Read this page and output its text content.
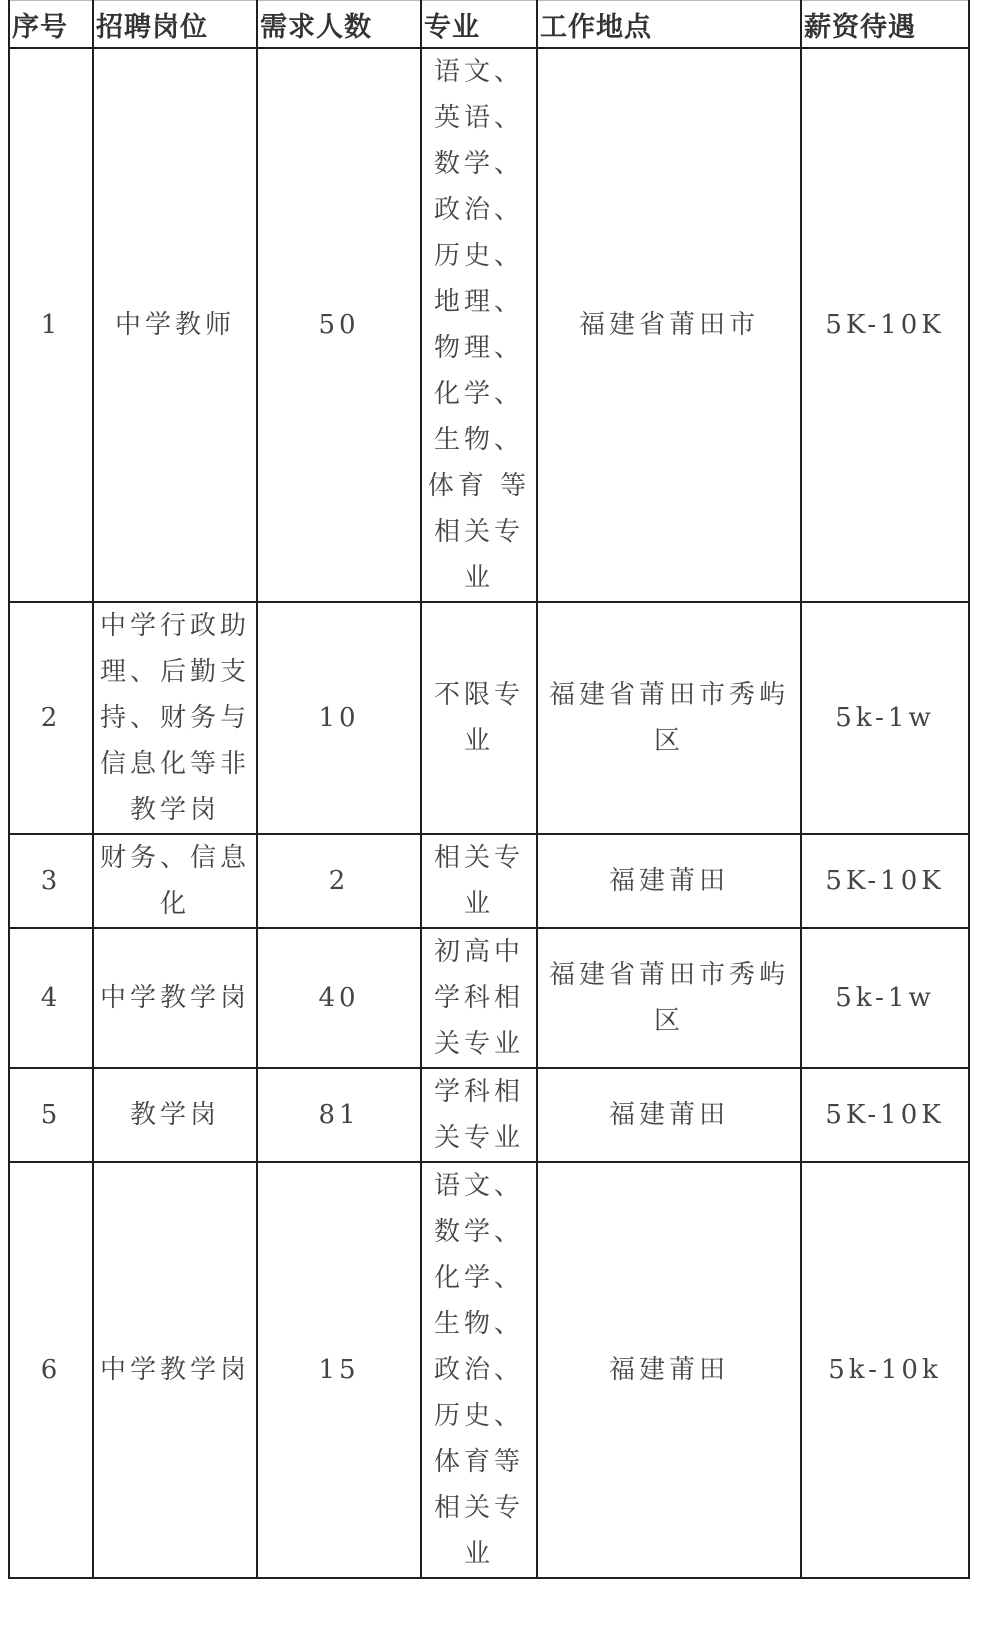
序号	招聘岗位	需求人数	专业	工作地点	薪资待遇
1	中学教师	50	语文、英语、数学、政治、历史、地理、物理、化学、生物、体育 等相关专业	福建省莆田市	5K-10K
2	中学行政助理、后勤支持、财务与信息化等非教学岗	10	不限专业	福建省莆田市秀屿区	5k-1w
3	财务、信息化	2	相关专业	福建莆田	5K-10K
4	中学教学岗	40	初高中学科相关专业	福建省莆田市秀屿区	5k-1w
5	教学岗	81	学科相关专业	福建莆田	5K-10K
6	中学教学岗	15	语文、数学、化学、生物、政治、历史、体育等相关专业	福建莆田	5k-10k
